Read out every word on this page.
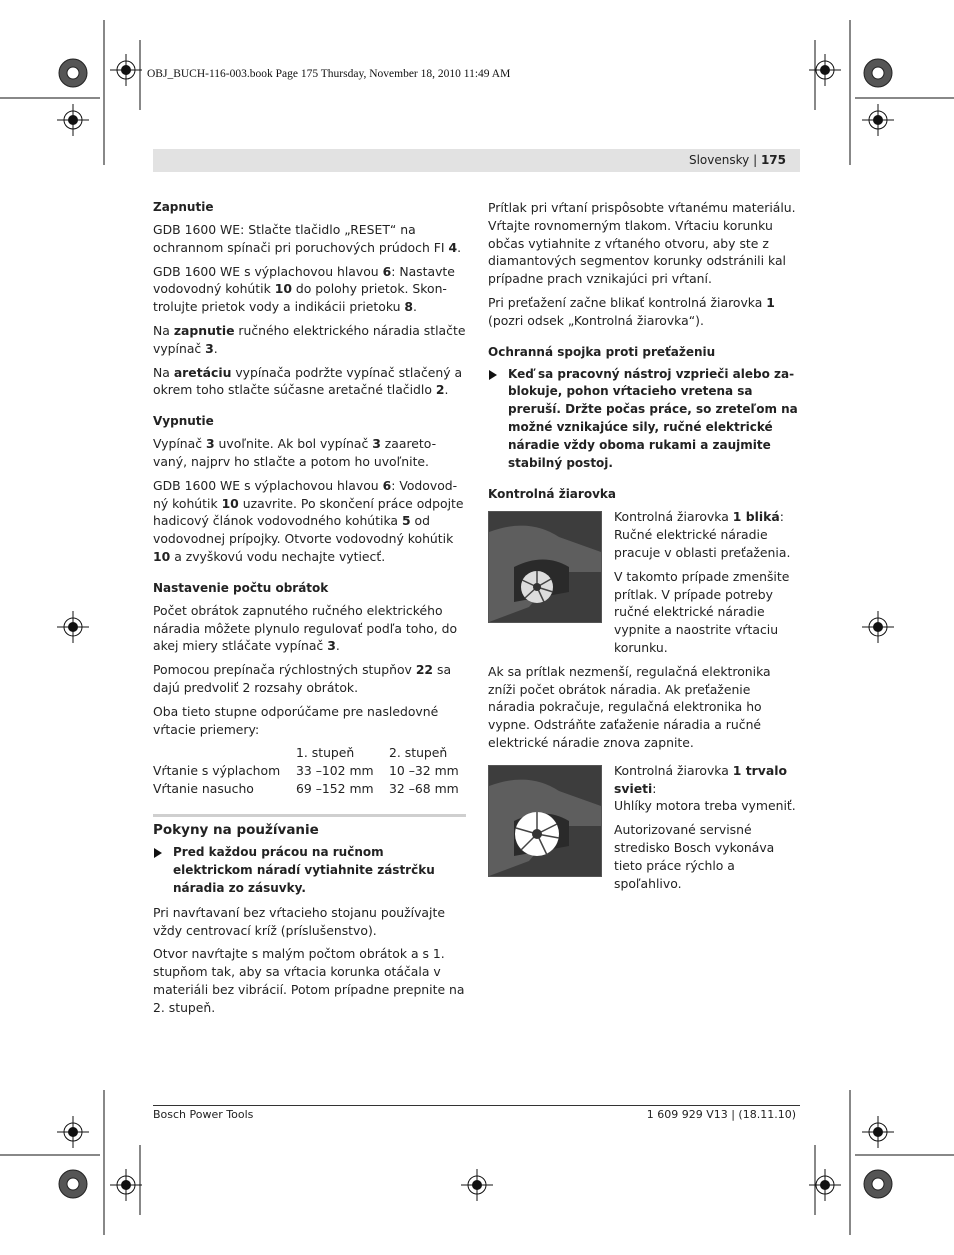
OBJ_BUCH-116-003.book Page 175 Thursday, November 18, 2010 11:49 AM
Slovensky | 175
Zapnutie

GDB 1600 WE: Stlačte tlačidlo „RESET“ na ochrannom spínači pri poruchových prúdoch FI 4.

GDB 1600 WE s výplachovou hlavou 6: Nastavte vodovodný kohútik 10 do polohy prietok. Skon- trolujte prietok vody a indikácii prietoku 8.

Na zapnutie ručného elektrického náradia stlačte vypínač 3.

Na aretáciu vypínača podržte vypínač stlačený a okrem toho stlačte súčasne aretačné tlačidlo 2.

Vypnutie

Vypínač 3 uvoľnite. Ak bol vypínač 3 zaareto- vaný, najprv ho stlačte a potom ho uvoľnite.

GDB 1600 WE s výplachovou hlavou 6: Vodovod- ný kohútik 10 uzavrite. Po skončení práce odpojte hadicový článok vodovodného kohútika 5 od vodovodnej prípojky. Otvorte vodovodný kohútik 10 a zvyškovú vodu nechajte vytiecť.

Nastavenie počtu obrátok

Počet obrátok zapnutého ručného elektrického náradia môžete plynulo regulovať podľa toho, do akej miery stláčate vypínač 3.

Pomocou prepínača rýchlostných stupňov 22 sa dajú predvoliť 2 rozsahy obrátok.

Oba tieto stupne odporúčame pre nasledovné vŕtacie priemery:

	1. stupeň	2. stupeň
Vŕtanie s výplachom	33 –102 mm	10 –32 mm
Vŕtanie nasucho	69 –152 mm	32 –68 mm
Pokyny na používanie
Pred každou prácou na ručnom elektrickom náradí vytiahnite zástrčku náradia zo zásuvky.

Pri navŕtavaní bez vŕtacieho stojanu používajte vždy centrovací kríž (príslušenstvo).

Otvor navŕtajte s malým počtom obrátok a s 1. stupňom tak, aby sa vŕtacia korunka otáčala v materiáli bez vibrácií. Potom prípadne prepnite na 2. stupeň.

Prítlak pri vŕtaní prispôsobte vŕtanému materiálu. Vŕtajte rovnomerným tlakom. Vŕtaciu korunku občas vytiahnite z vŕtaného otvoru, aby ste z diamantových segmentov korunky odstránili kal prípadne prach vznikajúci pri vŕtaní.

Pri preťažení začne blikať kontrolná žiarovka 1 (pozri odsek „Kontrolná žiarovka“).

Ochranná spojka proti preťaženiu
Keď sa pracovný nástroj vzprieči alebo za- blokuje, pohon vŕtacieho vretena sa preruší. Držte počas práce, so zreteľom na možné vznikajúce sily, ručné elektrické náradie vždy oboma rukami a zaujmite stabilný postoj.
Kontrolná žiarovka

Kontrolná žiarovka 1 bliká: Ručné elektrické náradie pracuje v oblasti preťaženia.

V takomto prípade zmenšite prítlak. V prípade potreby ručné elektrické náradie vypnite a naostrite vŕtaciu korunku.

Ak sa prítlak nezmenší, regulačná elektronika zníži počet obrátok náradia. Ak preťaženie náradia pokračuje, regulačná elektronika ho vypne. Odstráňte zaťaženie náradia a ručné elektrické náradie znova zapnite.

Kontrolná žiarovka 1 trvalo svieti:

Uhlíky motora treba vymeniť.

Autorizované servisné stredisko Bosch vykonáva tieto práce rýchlo a spoľahlivo.

Bosch Power Tools	1 609 929 V13 | (18.11.10)
